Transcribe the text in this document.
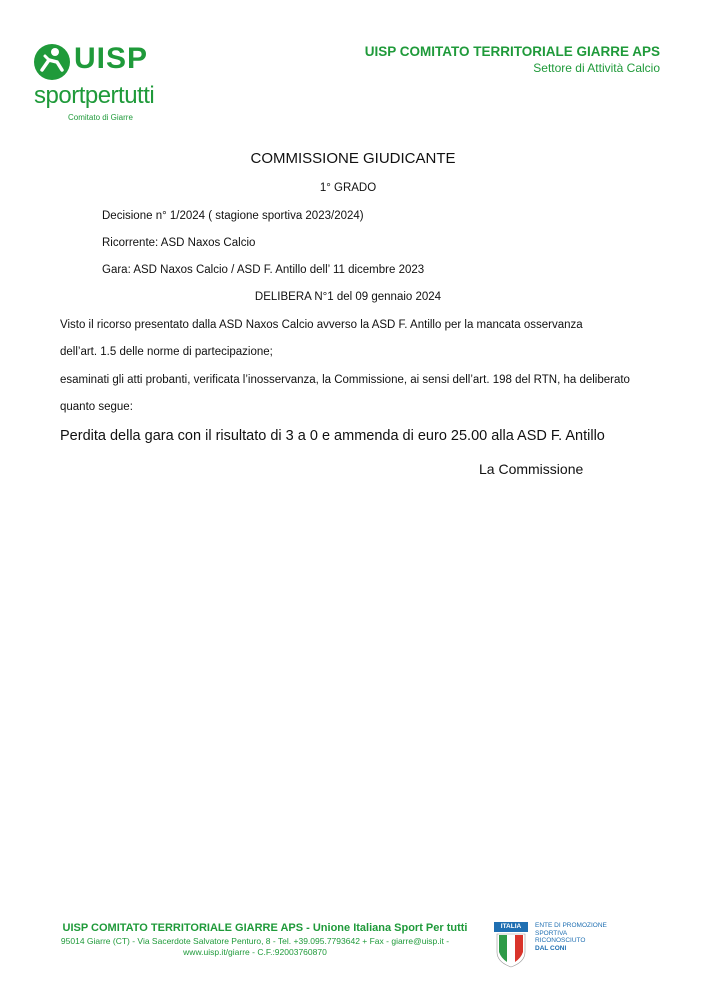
UISP
sportpertutti
Comitato di Giarre
UISP COMITATO TERRITORIALE GIARRE APS
Settore di Attività Calcio
COMMISSIONE GIUDICANTE
1° GRADO
Decisione n° 1/2024 ( stagione sportiva 2023/2024)
Ricorrente: ASD Naxos Calcio
Gara: ASD Naxos Calcio / ASD F. Antillo dell’ 11 dicembre 2023
DELIBERA N°1 del 09 gennaio 2024
Visto il ricorso presentato dalla ASD Naxos Calcio avverso la ASD F. Antillo per la mancata osservanza
dell’art. 1.5 delle norme di partecipazione;
esaminati gli atti probanti, verificata l’inosservanza, la Commissione, ai sensi dell’art. 198 del RTN, ha deliberato
quanto segue:
Perdita della gara con il risultato di 3 a 0 e ammenda di euro 25.00 alla ASD F. Antillo
La Commissione
UISP COMITATO TERRITORIALE GIARRE APS - Unione Italiana Sport Per tutti
95014 Giarre (CT) - Via Sacerdote Salvatore Penturo, 8 - Tel. +39.095.7793642 + Fax - giarre@uisp.it - www.uisp.it/giarre - C.F.:92003760870
ITALIA	ENTE DI PROMOZIONE
SPORTIVA
RICONOSCIUTO
DAL CONI
